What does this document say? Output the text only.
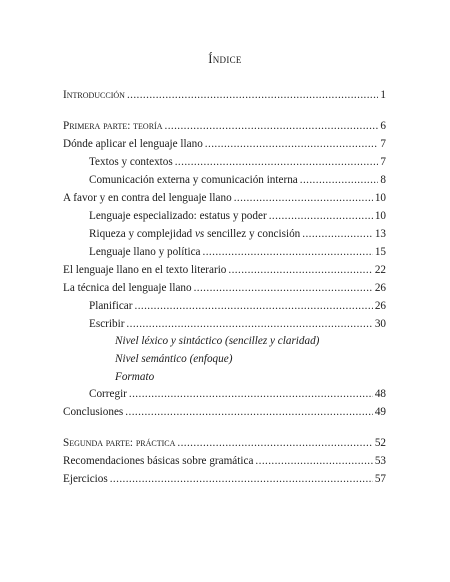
Índice
Introducción .....	1
Primera parte: teoría .....	6
Dónde aplicar el lenguaje llano .....	7
Textos y contextos .....	7
Comunicación externa y comunicación interna .....	8
A favor y en contra del lenguaje llano .....	10
Lenguaje especializado: estatus y poder .....	10
Riqueza y complejidad vs sencillez y concisión .....	13
Lenguaje llano y política .....	15
El lenguaje llano en el texto literario .....	22
La técnica del lenguaje llano .....	26
Planificar .....	26
Escribir .....	30
Nivel léxico y sintáctico (sencillez y claridad)
Nivel semántico (enfoque)
Formato
Corregir .....	48
Conclusiones .....	49
Segunda parte: práctica .....	52
Recomendaciones básicas sobre gramática .....	53
Ejercicios .....	57
